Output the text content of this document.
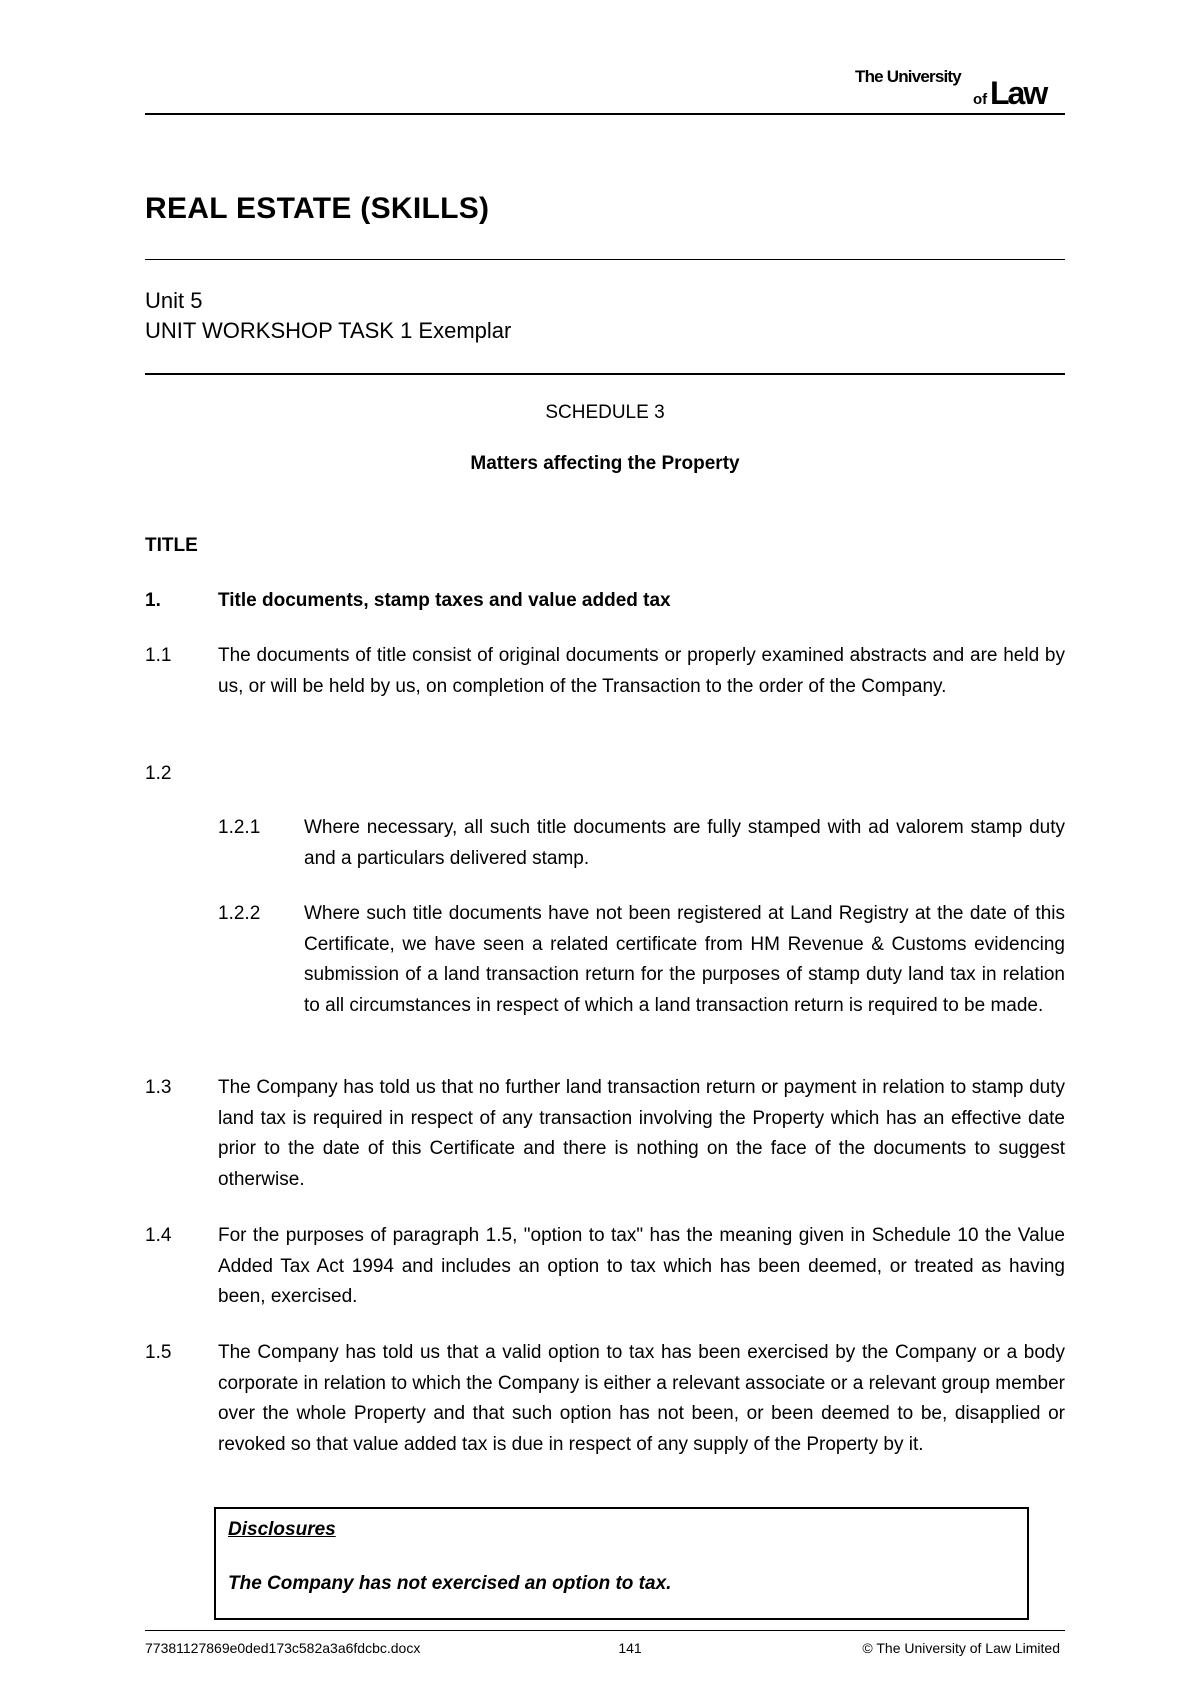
The University
of Law
REAL ESTATE (SKILLS)
Unit 5
UNIT WORKSHOP TASK 1 Exemplar
SCHEDULE 3
Matters affecting the Property
TITLE
1.	Title documents, stamp taxes and value added tax
1.1 The documents of title consist of original documents or properly examined abstracts and are held by us, or will be held by us, on completion of the Transaction to the order of the Company.
1.2
1.2.1 Where necessary, all such title documents are fully stamped with ad valorem stamp duty and a particulars delivered stamp.
1.2.2 Where such title documents have not been registered at Land Registry at the date of this Certificate, we have seen a related certificate from HM Revenue & Customs evidencing submission of a land transaction return for the purposes of stamp duty land tax in relation to all circumstances in respect of which a land transaction return is required to be made.
1.3 The Company has told us that no further land transaction return or payment in relation to stamp duty land tax is required in respect of any transaction involving the Property which has an effective date prior to the date of this Certificate and there is nothing on the face of the documents to suggest otherwise.
1.4 For the purposes of paragraph 1.5, "option to tax" has the meaning given in Schedule 10 the Value Added Tax Act 1994 and includes an option to tax which has been deemed, or treated as having been, exercised.
1.5 The Company has told us that a valid option to tax has been exercised by the Company or a body corporate in relation to which the Company is either a relevant associate or a relevant group member over the whole Property and that such option has not been, or been deemed to be, disapplied or revoked so that value added tax is due in respect of any supply of the Property by it.
Disclosures
The Company has not exercised an option to tax.
77381127869e0ded173c582a3a6fdcbc.docx	141	© The University of Law Limited
